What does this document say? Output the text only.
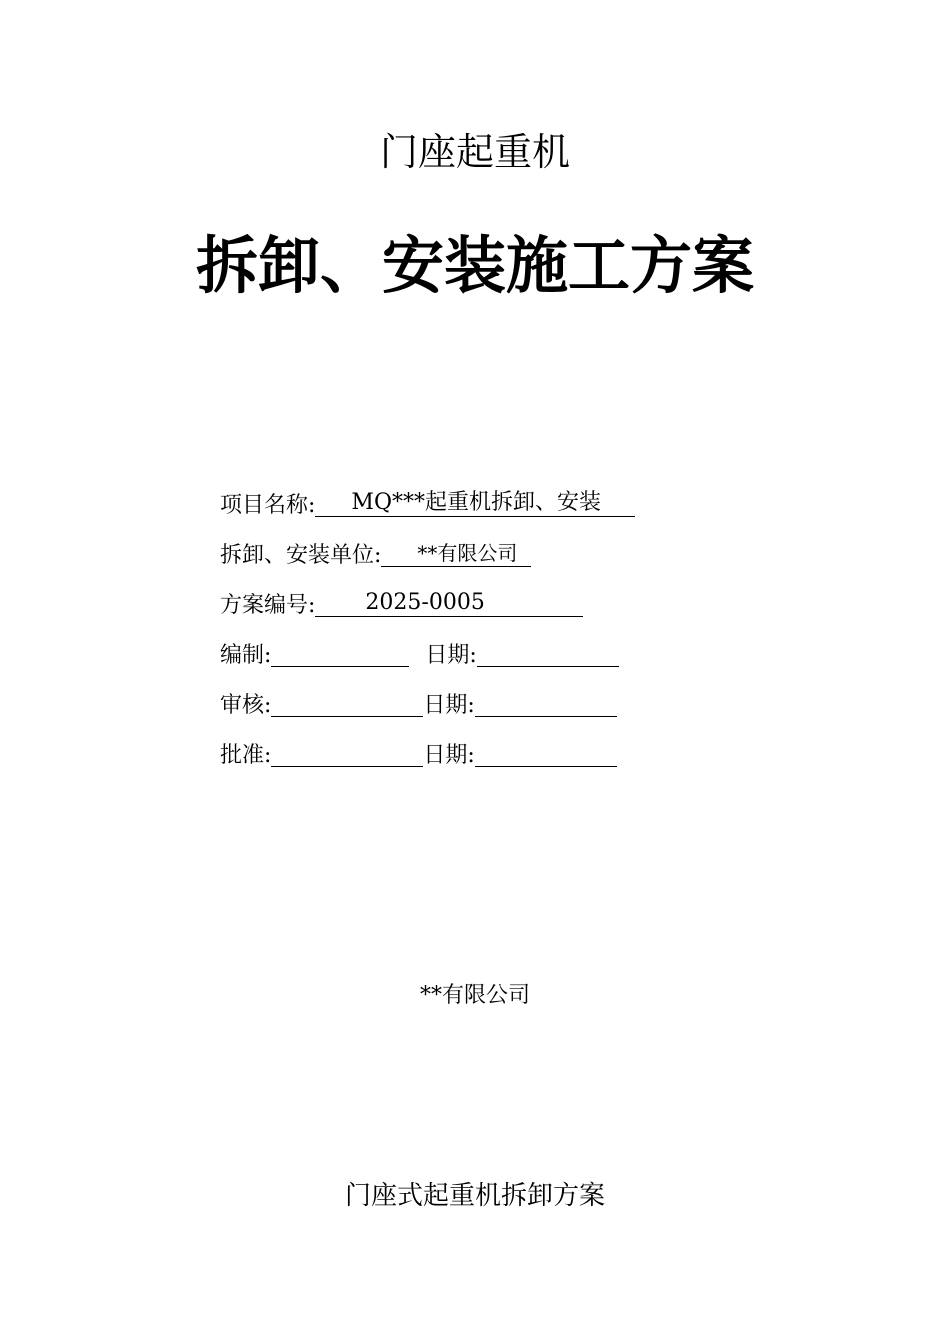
门座起重机
拆卸、安装施工方案
项目名称:	MQ***起重机拆卸、安装
拆卸、安装单位:	**有限公司
方案编号:	2025-0005
编制:	日期:
审核:	日期:
批准:	日期:
**有限公司
门座式起重机拆卸方案
